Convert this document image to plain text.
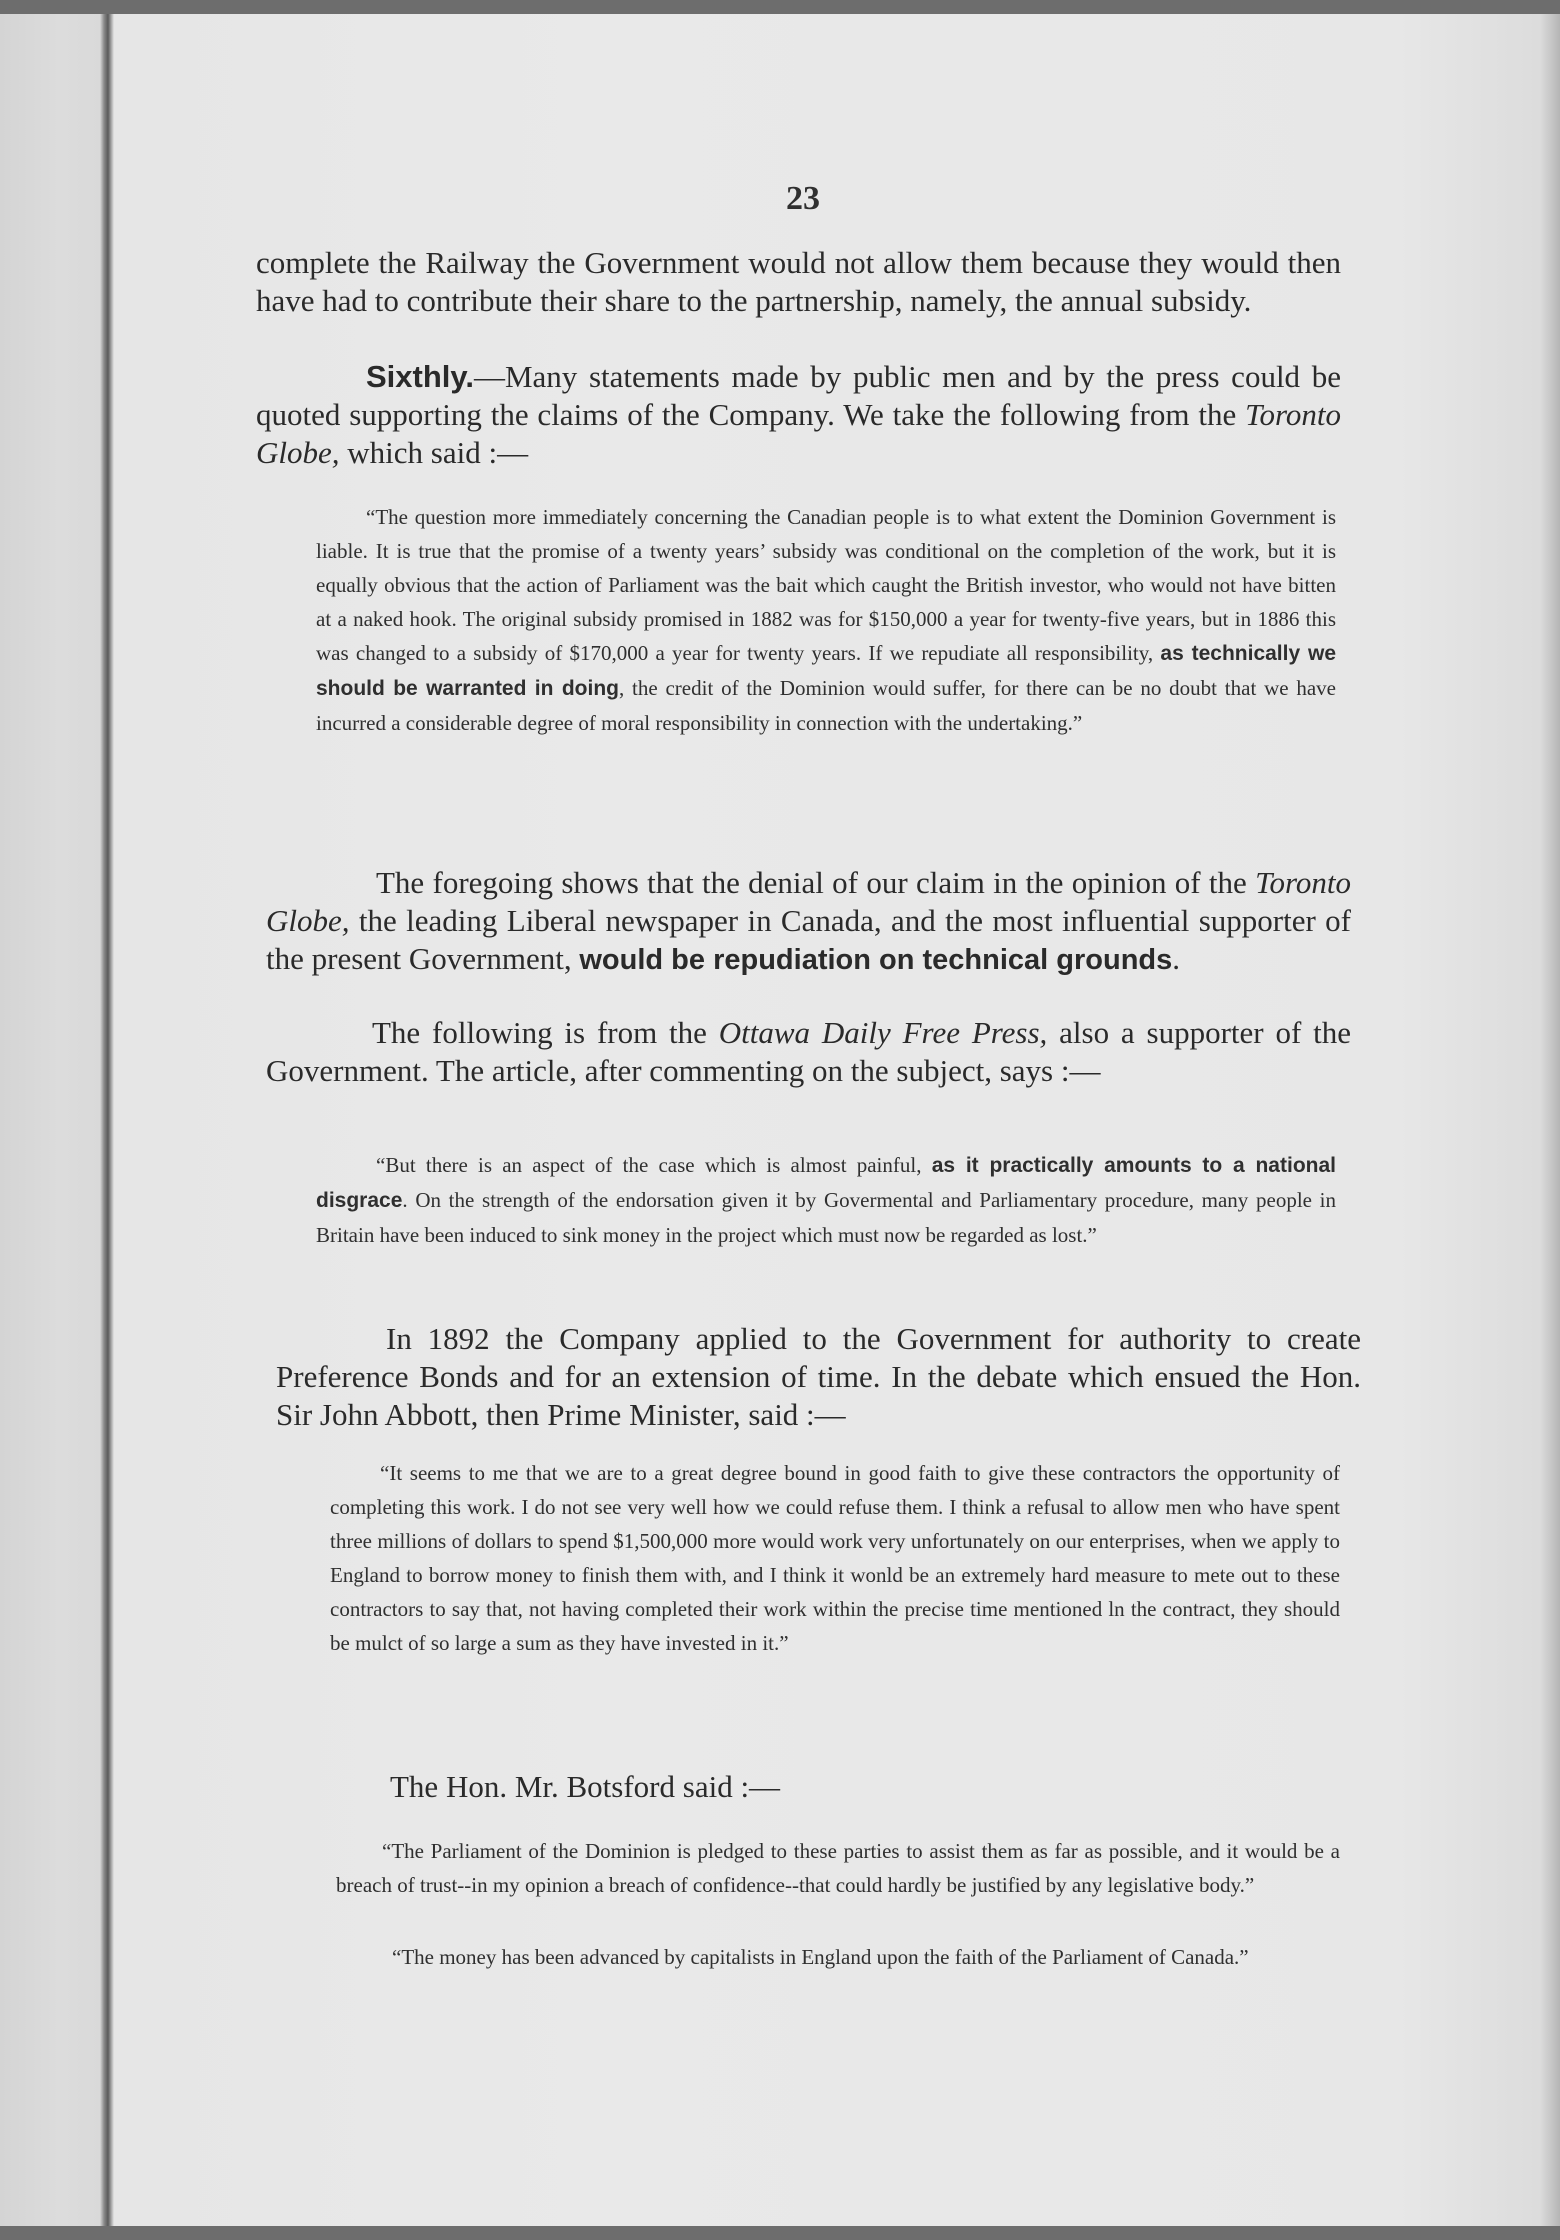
23

complete the Railway the Government would not allow them because they would then have had to contribute their share to the partnership, namely, the annual subsidy.

Sixthly.—Many statements made by public men and by the press could be quoted supporting the claims of the Company. We take the following from the Toronto Globe, which said :—

“The question more immediately concerning the Canadian people is to what extent the Dominion Government is liable. It is true that the promise of a twenty years’ subsidy was conditional on the completion of the work, but it is equally obvious that the action of Parliament was the bait which caught the British investor, who would not have bitten at a naked hook. The original subsidy promised in 1882 was for $150,000 a year for twenty-five years, but in 1886 this was changed to a subsidy of $170,000 a year for twenty years. If we repudiate all responsibility, as technically we should be warranted in doing, the credit of the Dominion would suffer, for there can be no doubt that we have incurred a considerable degree of moral responsibility in connection with the undertaking.”

The foregoing shows that the denial of our claim in the opinion of the Toronto Globe, the leading Liberal newspaper in Canada, and the most influential supporter of the present Government, would be repudiation on technical grounds.

The following is from the Ottawa Daily Free Press, also a supporter of the Government. The article, after commenting on the subject, says :—

“But there is an aspect of the case which is almost painful, as it practically amounts to a national disgrace. On the strength of the endorsation given it by Govermental and Parliamentary procedure, many people in Britain have been induced to sink money in the project which must now be regarded as lost.”

In 1892 the Company applied to the Government for authority to create Preference Bonds and for an extension of time. In the debate which ensued the Hon. Sir John Abbott, then Prime Minister, said :—

“It seems to me that we are to a great degree bound in good faith to give these contractors the opportunity of completing this work. I do not see very well how we could refuse them. I think a refusal to allow men who have spent three millions of dollars to spend $1,500,000 more would work very unfortunately on our enterprises, when we apply to England to borrow money to finish them with, and I think it wonld be an extremely hard measure to mete out to these contractors to say that, not having completed their work within the precise time mentioned ln the contract, they should be mulct of so large a sum as they have invested in it.”

The Hon. Mr. Botsford said :—

“The Parliament of the Dominion is pledged to these parties to assist them as far as possible, and it would be a breach of trust--in my opinion a breach of confidence--that could hardly be justified by any legislative body.”

“The money has been advanced by capitalists in England upon the faith of the Parliament of Canada.”
